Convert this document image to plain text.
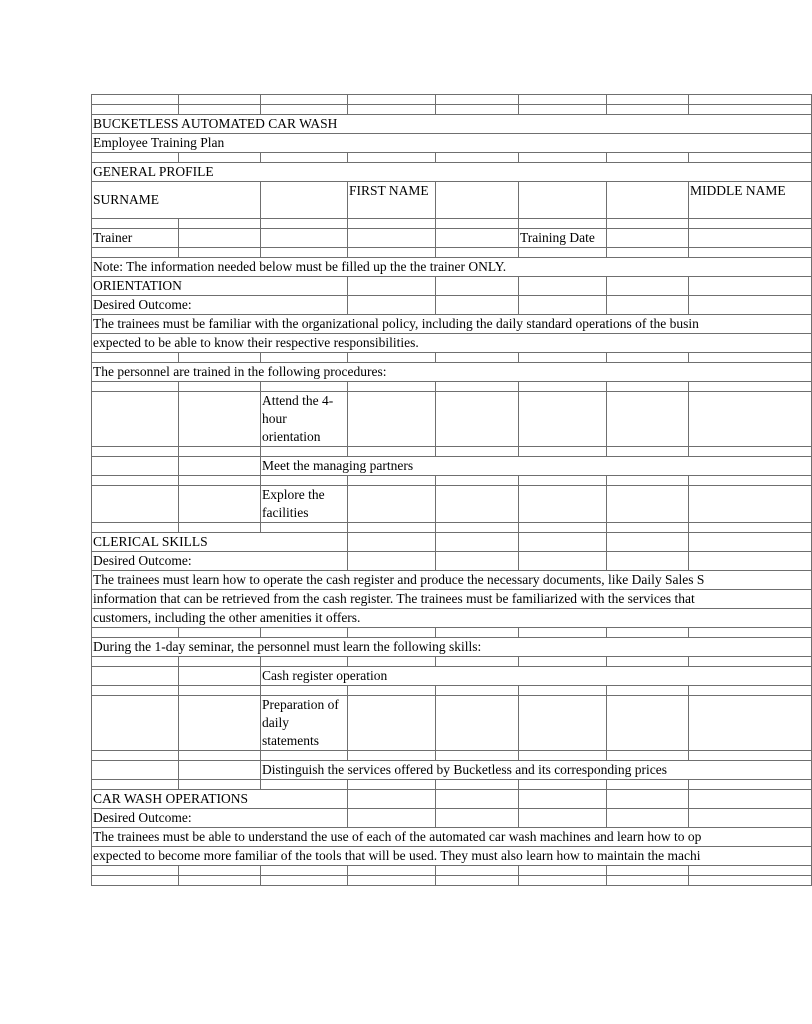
BUCKETLESS AUTOMATED CAR WASH							
Employee Training Plan							

GENERAL PROFILE							
SURNAME			FIRST NAME				MIDDLE NAME

Trainer					Training Date		

Note: The information needed below must be filled up the the trainer ONLY.							
ORIENTATION							
Desired Outcome:							
The trainees must be familiar with the organizational policy, including the daily standard operations of the busin							
expected to be able to know their respective responsibilities.							

The personnel are trained in the following procedures:							

		Attend the 4-hour orientation					

		Meet the managing partners					

		Explore the facilities					

CLERICAL SKILLS							
Desired Outcome:							
The trainees must learn how to operate the cash register and produce the necessary documents, like Daily Sales S							
information that can be retrieved from the cash register. The trainees must be familiarized with the services that							
customers, including the other amenities it offers.							

During the 1-day seminar, the personnel must learn the following skills:							

		Cash register operation					

		Preparation of daily statements					

		Distinguish the services offered by Bucketless and its corresponding prices					

CAR WASH OPERATIONS							
Desired Outcome:							
The trainees must be able to understand the use of each of the automated car wash machines and learn how to op							
expected to become more familiar of the tools that will be used. They must also learn how to maintain the machi							
